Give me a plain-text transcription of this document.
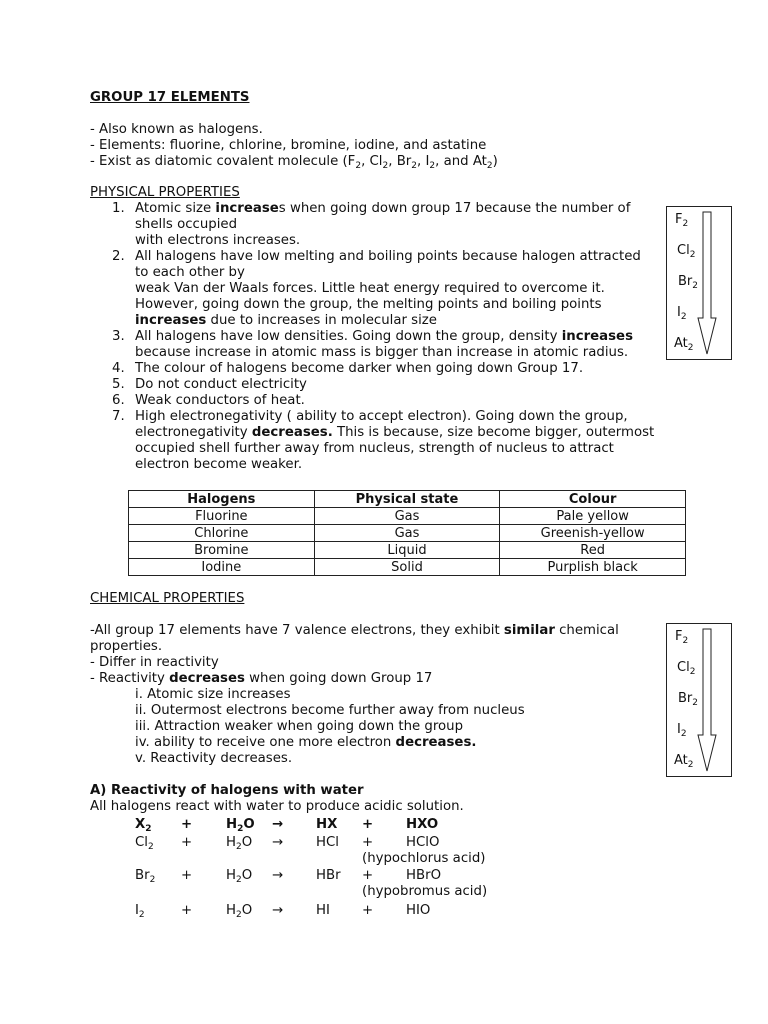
GROUP 17 ELEMENTS
- Also known as halogens.
- Elements: fluorine, chlorine, bromine, iodine, and astatine
- Exist as diatomic covalent molecule ($F_2$, $Cl_2$, $Br_2$, $I_2$, and $At_2$)
PHYSICAL PROPERTIES
1. Atomic size increases when going down group 17 because the number of
shells occupied
with electrons increases.
2. All halogens have low melting and boiling points because halogen attracted
to each other by
weak Van der Waals forces. Little heat energy required to overcome it.
However, going down the group, the melting points and boiling points
increases due to increases in molecular size
3. All halogens have low densities. Going down the group, density increases
because increase in atomic mass is bigger than increase in atomic radius.
4. The colour of halogens become darker when going down Group 17.
5. Do not conduct electricity
6. Weak conductors of heat.
7. High electronegativity ( ability to accept electron). Going down the group,
electronegativity decreases. This is because, size become bigger, outermost
occupied shell further away from nucleus, strength of nucleus to attract
electron become weaker.
$F_2$
$Cl_2$
$Br_2$
$I_2$
$At_2$
Halogens	Physical state	Colour
Fluorine	Gas	Pale yellow
Chlorine	Gas	Greenish-yellow
Bromine	Liquid	Red
Iodine	Solid	Purplish black
CHEMICAL PROPERTIES
-All group 17 elements have 7 valence electrons, they exhibit similar chemical
properties.
- Differ in reactivity
- Reactivity decreases when going down Group 17
i. Atomic size increases
ii. Outermost electrons become further away from nucleus
iii. Attraction weaker when going down the group
iv. ability to receive one more electron decreases.
v. Reactivity decreases.
$F_2$
$Cl_2$
$Br_2$
$I_2$
$At_2$
A) Reactivity of halogens with water
All halogens react with water to produce acidic solution.
$X_2$ +	$H_2O$ → HX + HXO
$Cl_2$ +	$H_2O$ → HCl + HClO
(hypochlorus acid)
$Br_2$ +	$H_2O$ → HBr + HBrO
(hypobromus acid)
$I_2$	+	$H_2O$ → HI + HIO
